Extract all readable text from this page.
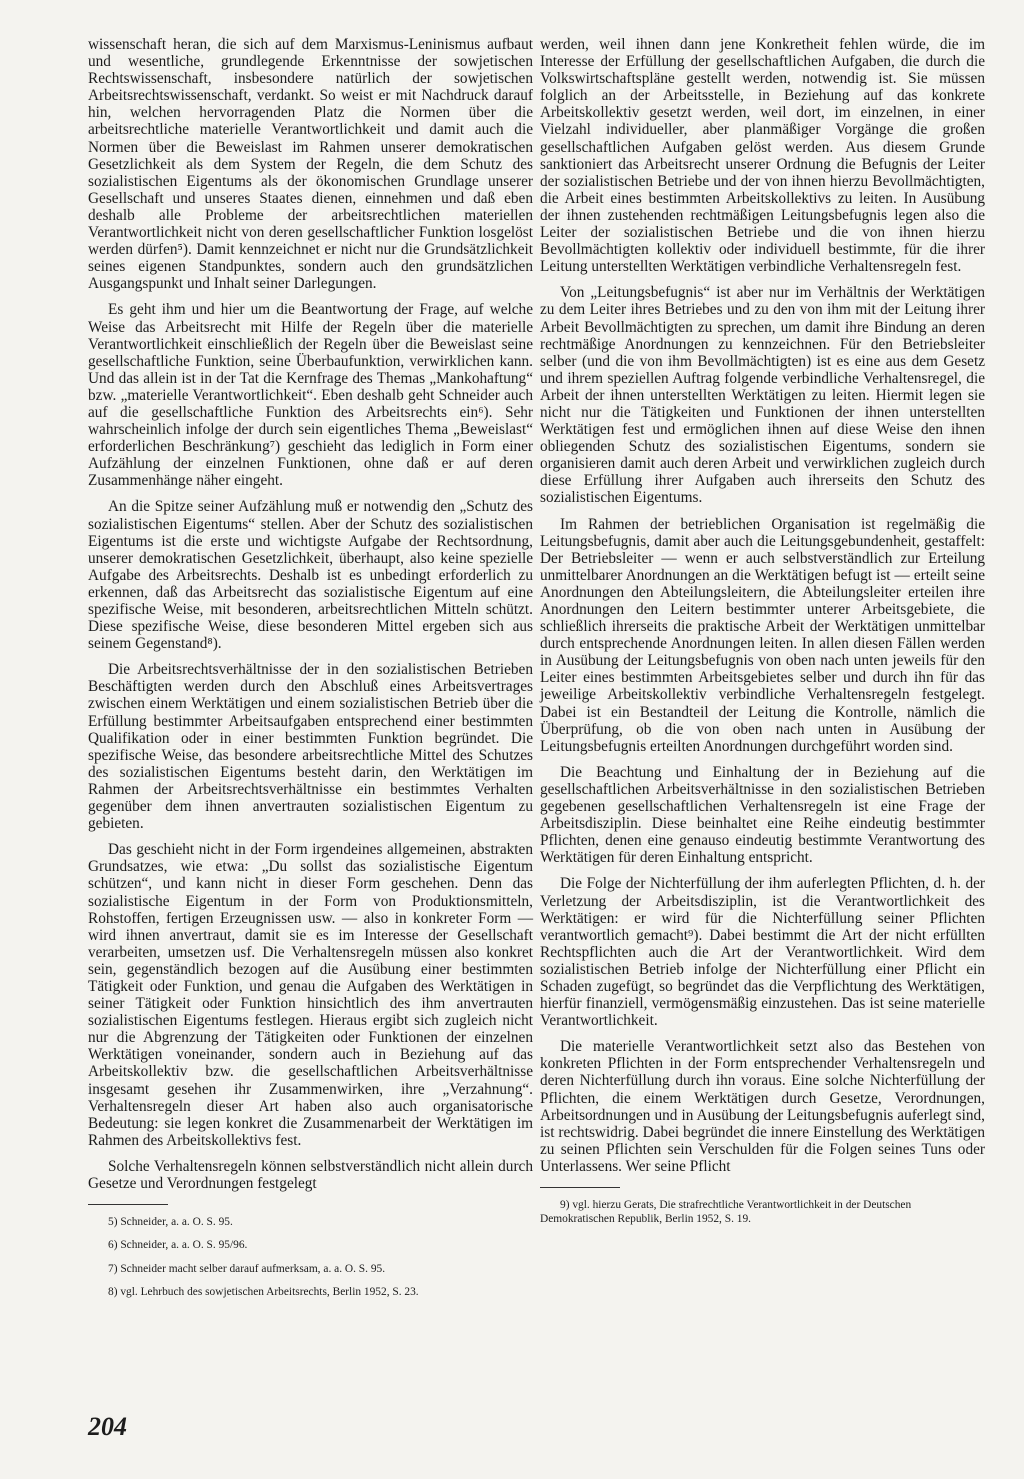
wissenschaft heran, die sich auf dem Marxismus-Leninismus aufbaut und wesentliche, grundlegende Erkenntnisse der sowjetischen Rechtswissenschaft, insbesondere natürlich der sowjetischen Arbeitsrechtswissenschaft, verdankt. So weist er mit Nachdruck darauf hin, welchen hervorragenden Platz die Normen über die arbeitsrechtliche materielle Verantwortlichkeit und damit auch die Normen über die Beweislast im Rahmen unserer demokratischen Gesetzlichkeit als dem System der Regeln, die dem Schutz des sozialistischen Eigentums als der ökonomischen Grundlage unserer Gesellschaft und unseres Staates dienen, einnehmen und daß eben deshalb alle Probleme der arbeitsrechtlichen materiellen Verantwortlichkeit nicht von deren gesellschaftlicher Funktion losgelöst werden dürfen⁵). Damit kennzeichnet er nicht nur die Grundsätzlichkeit seines eigenen Standpunktes, sondern auch den grundsätzlichen Ausgangspunkt und Inhalt seiner Darlegungen.

Es geht ihm und hier um die Beantwortung der Frage, auf welche Weise das Arbeitsrecht mit Hilfe der Regeln über die materielle Verantwortlichkeit einschließlich der Regeln über die Beweislast seine gesellschaftliche Funktion, seine Überbaufunktion, verwirklichen kann. Und das allein ist in der Tat die Kernfrage des Themas „Mankohaftung“ bzw. „materielle Verantwortlichkeit“. Eben deshalb geht Schneider auch auf die gesellschaftliche Funktion des Arbeitsrechts ein⁶). Sehr wahrscheinlich infolge der durch sein eigentliches Thema „Beweislast“ erforderlichen Beschränkung⁷) geschieht das lediglich in Form einer Aufzählung der einzelnen Funktionen, ohne daß er auf deren Zusammenhänge näher eingeht.

An die Spitze seiner Aufzählung muß er notwendig den „Schutz des sozialistischen Eigentums“ stellen. Aber der Schutz des sozialistischen Eigentums ist die erste und wichtigste Aufgabe der Rechtsordnung, unserer demokratischen Gesetzlichkeit, überhaupt, also keine spezielle Aufgabe des Arbeitsrechts. Deshalb ist es unbedingt erforderlich zu erkennen, daß das Arbeitsrecht das sozialistische Eigentum auf eine spezifische Weise, mit besonderen, arbeitsrechtlichen Mitteln schützt. Diese spezifische Weise, diese besonderen Mittel ergeben sich aus seinem Gegenstand⁸).

Die Arbeitsrechtsverhältnisse der in den sozialistischen Betrieben Beschäftigten werden durch den Abschluß eines Arbeitsvertrages zwischen einem Werktätigen und einem sozialistischen Betrieb über die Erfüllung bestimmter Arbeitsaufgaben entsprechend einer bestimmten Qualifikation oder in einer bestimmten Funktion begründet. Die spezifische Weise, das besondere arbeitsrechtliche Mittel des Schutzes des sozialistischen Eigentums besteht darin, den Werktätigen im Rahmen der Arbeitsrechtsverhältnisse ein bestimmtes Verhalten gegenüber dem ihnen anvertrauten sozialistischen Eigentum zu gebieten.

Das geschieht nicht in der Form irgendeines allgemeinen, abstrakten Grundsatzes, wie etwa: „Du sollst das sozialistische Eigentum schützen“, und kann nicht in dieser Form geschehen. Denn das sozialistische Eigentum in der Form von Produktionsmitteln, Rohstoffen, fertigen Erzeugnissen usw. — also in konkreter Form — wird ihnen anvertraut, damit sie es im Interesse der Gesellschaft verarbeiten, umsetzen usf. Die Verhaltensregeln müssen also konkret sein, gegenständlich bezogen auf die Ausübung einer bestimmten Tätigkeit oder Funktion, und genau die Aufgaben des Werktätigen in seiner Tätigkeit oder Funktion hinsichtlich des ihm anvertrauten sozialistischen Eigentums festlegen. Hieraus ergibt sich zugleich nicht nur die Abgrenzung der Tätigkeiten oder Funktionen der einzelnen Werktätigen voneinander, sondern auch in Beziehung auf das Arbeitskollektiv bzw. die gesellschaftlichen Arbeitsverhältnisse insgesamt gesehen ihr Zusammenwirken, ihre „Verzahnung“. Verhaltensregeln dieser Art haben also auch organisatorische Bedeutung: sie legen konkret die Zusammenarbeit der Werktätigen im Rahmen des Arbeitskollektivs fest.

Solche Verhaltensregeln können selbstverständlich nicht allein durch Gesetze und Verordnungen festgelegt

5) Schneider, a. a. O. S. 95.

6) Schneider, a. a. O. S. 95/96.

7) Schneider macht selber darauf aufmerksam, a. a. O. S. 95.

8) vgl. Lehrbuch des sowjetischen Arbeitsrechts, Berlin 1952, S. 23.

werden, weil ihnen dann jene Konkretheit fehlen würde, die im Interesse der Erfüllung der gesellschaftlichen Aufgaben, die durch die Volkswirtschaftspläne gestellt werden, notwendig ist. Sie müssen folglich an der Arbeitsstelle, in Beziehung auf das konkrete Arbeitskollektiv gesetzt werden, weil dort, im einzelnen, in einer Vielzahl individueller, aber planmäßiger Vorgänge die großen gesellschaftlichen Aufgaben gelöst werden. Aus diesem Grunde sanktioniert das Arbeitsrecht unserer Ordnung die Befugnis der Leiter der sozialistischen Betriebe und der von ihnen hierzu Bevollmächtigten, die Arbeit eines bestimmten Arbeitskollektivs zu leiten. In Ausübung der ihnen zustehenden rechtmäßigen Leitungsbefugnis legen also die Leiter der sozialistischen Betriebe und die von ihnen hierzu Bevollmächtigten kollektiv oder individuell bestimmte, für die ihrer Leitung unterstellten Werktätigen verbindliche Verhaltensregeln fest.

Von „Leitungsbefugnis“ ist aber nur im Verhältnis der Werktätigen zu dem Leiter ihres Betriebes und zu den von ihm mit der Leitung ihrer Arbeit Bevollmächtigten zu sprechen, um damit ihre Bindung an deren rechtmäßige Anordnungen zu kennzeichnen. Für den Betriebsleiter selber (und die von ihm Bevollmächtigten) ist es eine aus dem Gesetz und ihrem speziellen Auftrag folgende verbindliche Verhaltensregel, die Arbeit der ihnen unterstellten Werktätigen zu leiten. Hiermit legen sie nicht nur die Tätigkeiten und Funktionen der ihnen unterstellten Werktätigen fest und ermöglichen ihnen auf diese Weise den ihnen obliegenden Schutz des sozialistischen Eigentums, sondern sie organisieren damit auch deren Arbeit und verwirklichen zugleich durch diese Erfüllung ihrer Aufgaben auch ihrerseits den Schutz des sozialistischen Eigentums.

Im Rahmen der betrieblichen Organisation ist regelmäßig die Leitungsbefugnis, damit aber auch die Leitungsgebundenheit, gestaffelt: Der Betriebsleiter — wenn er auch selbstverständlich zur Erteilung unmittelbarer Anordnungen an die Werktätigen befugt ist — erteilt seine Anordnungen den Abteilungsleitern, die Abteilungsleiter erteilen ihre Anordnungen den Leitern bestimmter unterer Arbeitsgebiete, die schließlich ihrerseits die praktische Arbeit der Werktätigen unmittelbar durch entsprechende Anordnungen leiten. In allen diesen Fällen werden in Ausübung der Leitungsbefugnis von oben nach unten jeweils für den Leiter eines bestimmten Arbeitsgebietes selber und durch ihn für das jeweilige Arbeitskollektiv verbindliche Verhaltensregeln festgelegt. Dabei ist ein Bestandteil der Leitung die Kontrolle, nämlich die Überprüfung, ob die von oben nach unten in Ausübung der Leitungsbefugnis erteilten Anordnungen durchgeführt worden sind.

Die Beachtung und Einhaltung der in Beziehung auf die gesellschaftlichen Arbeitsverhältnisse in den sozialistischen Betrieben gegebenen gesellschaftlichen Verhaltensregeln ist eine Frage der Arbeitsdisziplin. Diese beinhaltet eine Reihe eindeutig bestimmter Pflichten, denen eine genauso eindeutig bestimmte Verantwortung des Werktätigen für deren Einhaltung entspricht.

Die Folge der Nichterfüllung der ihm auferlegten Pflichten, d. h. der Verletzung der Arbeitsdisziplin, ist die Verantwortlichkeit des Werktätigen: er wird für die Nichterfüllung seiner Pflichten verantwortlich gemacht⁹). Dabei bestimmt die Art der nicht erfüllten Rechtspflichten auch die Art der Verantwortlichkeit. Wird dem sozialistischen Betrieb infolge der Nichterfüllung einer Pflicht ein Schaden zugefügt, so begründet das die Verpflichtung des Werktätigen, hierfür finanziell, vermögensmäßig einzustehen. Das ist seine materielle Verantwortlichkeit.

Die materielle Verantwortlichkeit setzt also das Bestehen von konkreten Pflichten in der Form entsprechender Verhaltensregeln und deren Nichterfüllung durch ihn voraus. Eine solche Nichterfüllung der Pflichten, die einem Werktätigen durch Gesetze, Verordnungen, Arbeitsordnungen und in Ausübung der Leitungsbefugnis auferlegt sind, ist rechtswidrig. Dabei begründet die innere Einstellung des Werktätigen zu seinen Pflichten sein Verschulden für die Folgen seines Tuns oder Unterlassens. Wer seine Pflicht

9) vgl. hierzu Gerats, Die strafrechtliche Verantwortlichkeit in der Deutschen Demokratischen Republik, Berlin 1952, S. 19.

204
